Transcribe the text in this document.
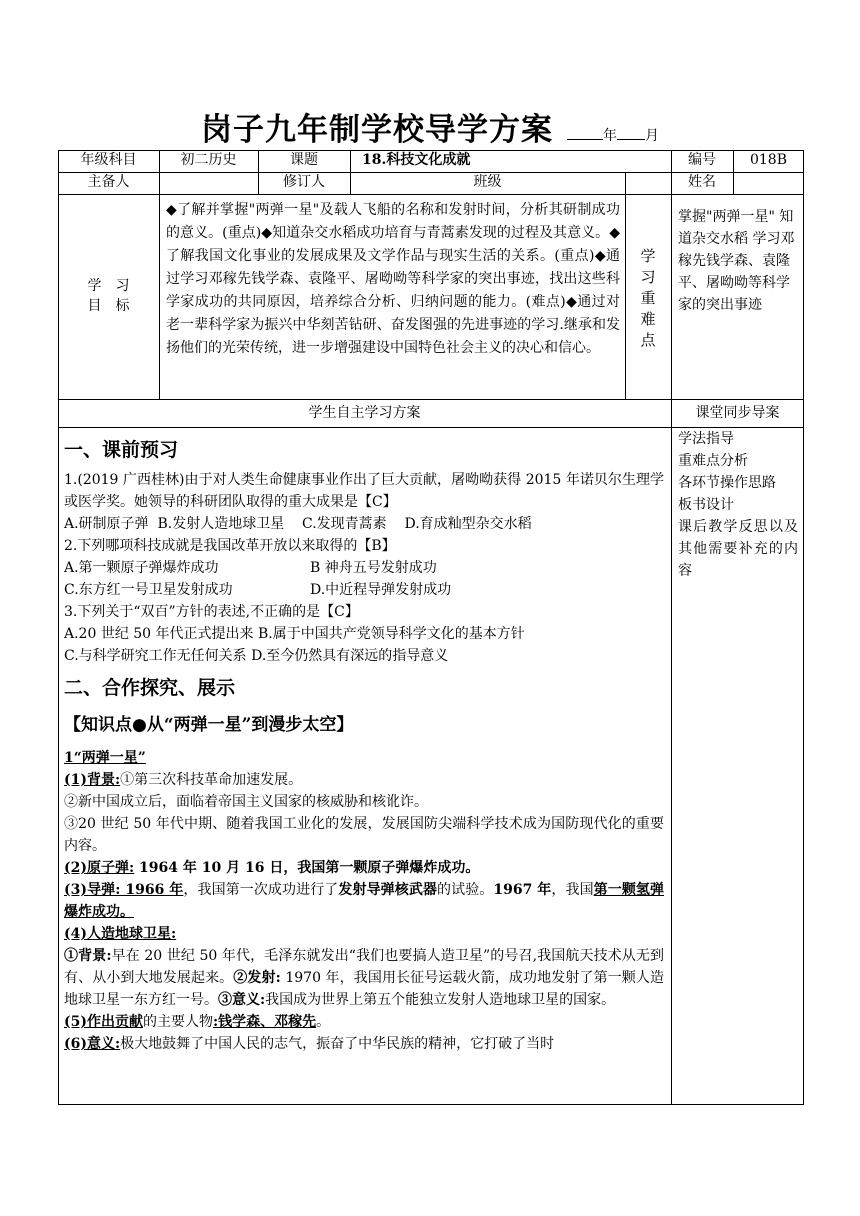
岗子九年制学校导学方案	年 月
年级科目	初二历史	课题	18.科技文化成就	编号	018B
主备人	修订人	班级	姓名
学　习
目　标
◆了解并掌握"两弹一星"及载人飞船的名称和发射时间，分析其研制成功的意义。(重点)◆知道杂交水稻成功培育与青蒿素发现的过程及其意义。◆了解我国文化事业的发展成果及文学作品与现实生活的关系。(重点)◆通过学习邓稼先钱学森、袁隆平、屠呦呦等科学家的突出事迹，找出这些科学家成功的共同原因，培养综合分析、归纳问题的能力。(难点)◆通过对老一辈科学家为振兴中华刻苦钻研、奋发图强的先进事迹的学习.继承和发扬他们的光荣传统，进一步增强建设中国特色社会主义的决心和信心。
学习重难点
掌握"两弹一星" 知道杂交水稻 学习邓稼先钱学森、袁隆平、屠呦呦等科学家的突出事迹
学生自主学习方案	课堂同步导案
学法指导
重难点分析
各环节操作思路
板书设计
课后教学反思以及其他需要补充的内容
一、课前预习

1.(2019 广西桂林)由于对人类生命健康事业作出了巨大贡献，屠呦呦获得 2015 年诺贝尔生理学或医学奖。她领导的科研团队取得的重大成果是【C】

A.研制原子弹  B.发射人造地球卫星    C.发现青蒿素    D.育成籼型杂交水稻

2.下列哪项科技成就是我国改革开放以来取得的【B】

A.第一颗原子弹爆炸成功	B 神舟五号发射成功

C.东方红一号卫星发射成功	D.中近程导弹发射成功

3.下列关于“双百”方针的表述,不正确的是【C】

A.20 世纪 50 年代正式提出来 B.属于中国共产党领导科学文化的基本方针

C.与科学研究工作无任何关系 D.至今仍然具有深远的指导意义

二、合作探究、展示
【知识点●从“两弹一星”到漫步太空】

1“两弹一星”

(1)背景:①第三次科技革命加速发展。

②新中国成立后，面临着帝国主义国家的核威胁和核讹诈。

③20 世纪 50 年代中期、随着我国工业化的发展，发展国防尖端科学技术成为国防现代化的重要内容。

(2)原子弹: 1964 年 10 月 16 日，我国第一颗原子弹爆炸成功。

(3)导弹: 1966 年，我国第一次成功进行了发射导弹核武器的试验。1967 年，我国第一颗氢弹爆炸成功。

(4)人造地球卫星:

①背景:早在 20 世纪 50 年代，毛泽东就发出“我们也要搞人造卫星”的号召,我国航天技术从无到有、从小到大地发展起来。②发射: 1970 年，我国用长征号运载火箭，成功地发射了第一颗人造地球卫星一东方红一号。③意义:我国成为世界上第五个能独立发射人造地球卫星的国家。

(5)作出贡献的主要人物:钱学森、邓稼先。

(6)意义:极大地鼓舞了中国人民的志气，振奋了中华民族的精神，它打破了当时
